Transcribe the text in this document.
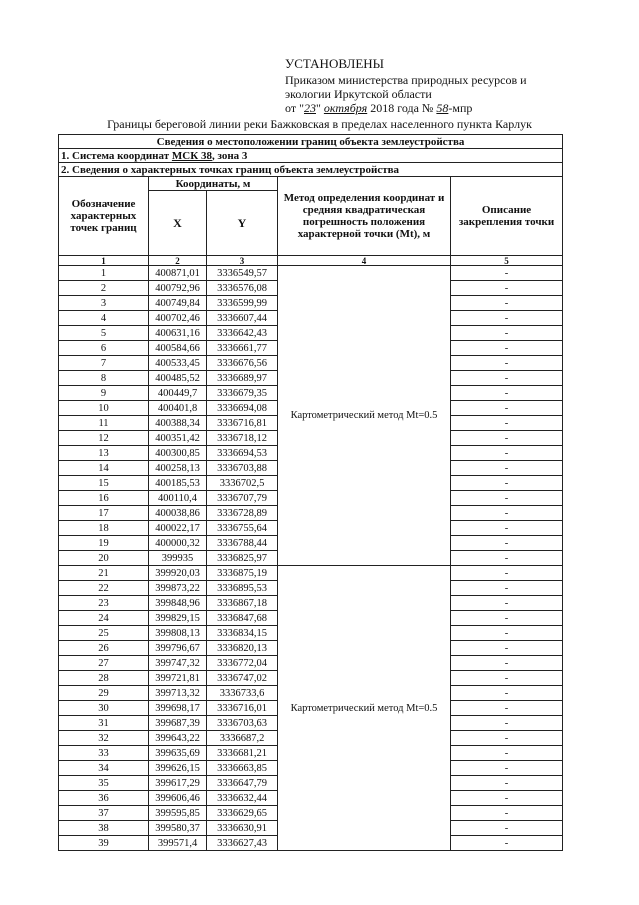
УСТАНОВЛЕНЫ
Приказом министерства природных ресурсов и
экологии Иркутской области
от "23" октября 2018 года № 58-мпр
Границы береговой линии реки Бажковская в пределах населенного пункта Карлук
Сведения о местоположении границ объекта землеустройства				
1. Система координат МСК 38, зона 3				
2. Сведения о характерных точках границ объекта землеустройства				
Обозначение характерных точек границ	Координаты, м		Метод определения координат и средняя квадратическая погрешность положения характерной точки (Mt), м	Описание закрепления точки
	X	Y		
1	2	3	4	5
1	400871,01	3336549,57	Картометрический метод Mt=0.5	-
2	400792,96	3336576,08		-
3	400749,84	3336599,99		-
4	400702,46	3336607,44		-
5	400631,16	3336642,43		-
6	400584,66	3336661,77		-
7	400533,45	3336676,56		-
8	400485,52	3336689,97		-
9	400449,7	3336679,35		-
10	400401,8	3336694,08		-
11	400388,34	3336716,81		-
12	400351,42	3336718,12		-
13	400300,85	3336694,53		-
14	400258,13	3336703,88		-
15	400185,53	3336702,5		-
16	400110,4	3336707,79		-
17	400038,86	3336728,89		-
18	400022,17	3336755,64		-
19	400000,32	3336788,44		-
20	399935	3336825,97		-
21	399920,03	3336875,19	Картометрический метод Mt=0.5	-
22	399873,22	3336895,53		-
23	399848,96	3336867,18		-
24	399829,15	3336847,68		-
25	399808,13	3336834,15		-
26	399796,67	3336820,13		-
27	399747,32	3336772,04		-
28	399721,81	3336747,02		-
29	399713,32	3336733,6		-
30	399698,17	3336716,01		-
31	399687,39	3336703,63		-
32	399643,22	3336687,2		-
33	399635,69	3336681,21		-
34	399626,15	3336663,85		-
35	399617,29	3336647,79		-
36	399606,46	3336632,44		-
37	399595,85	3336629,65		-
38	399580,37	3336630,91		-
39	399571,4	3336627,43		-
